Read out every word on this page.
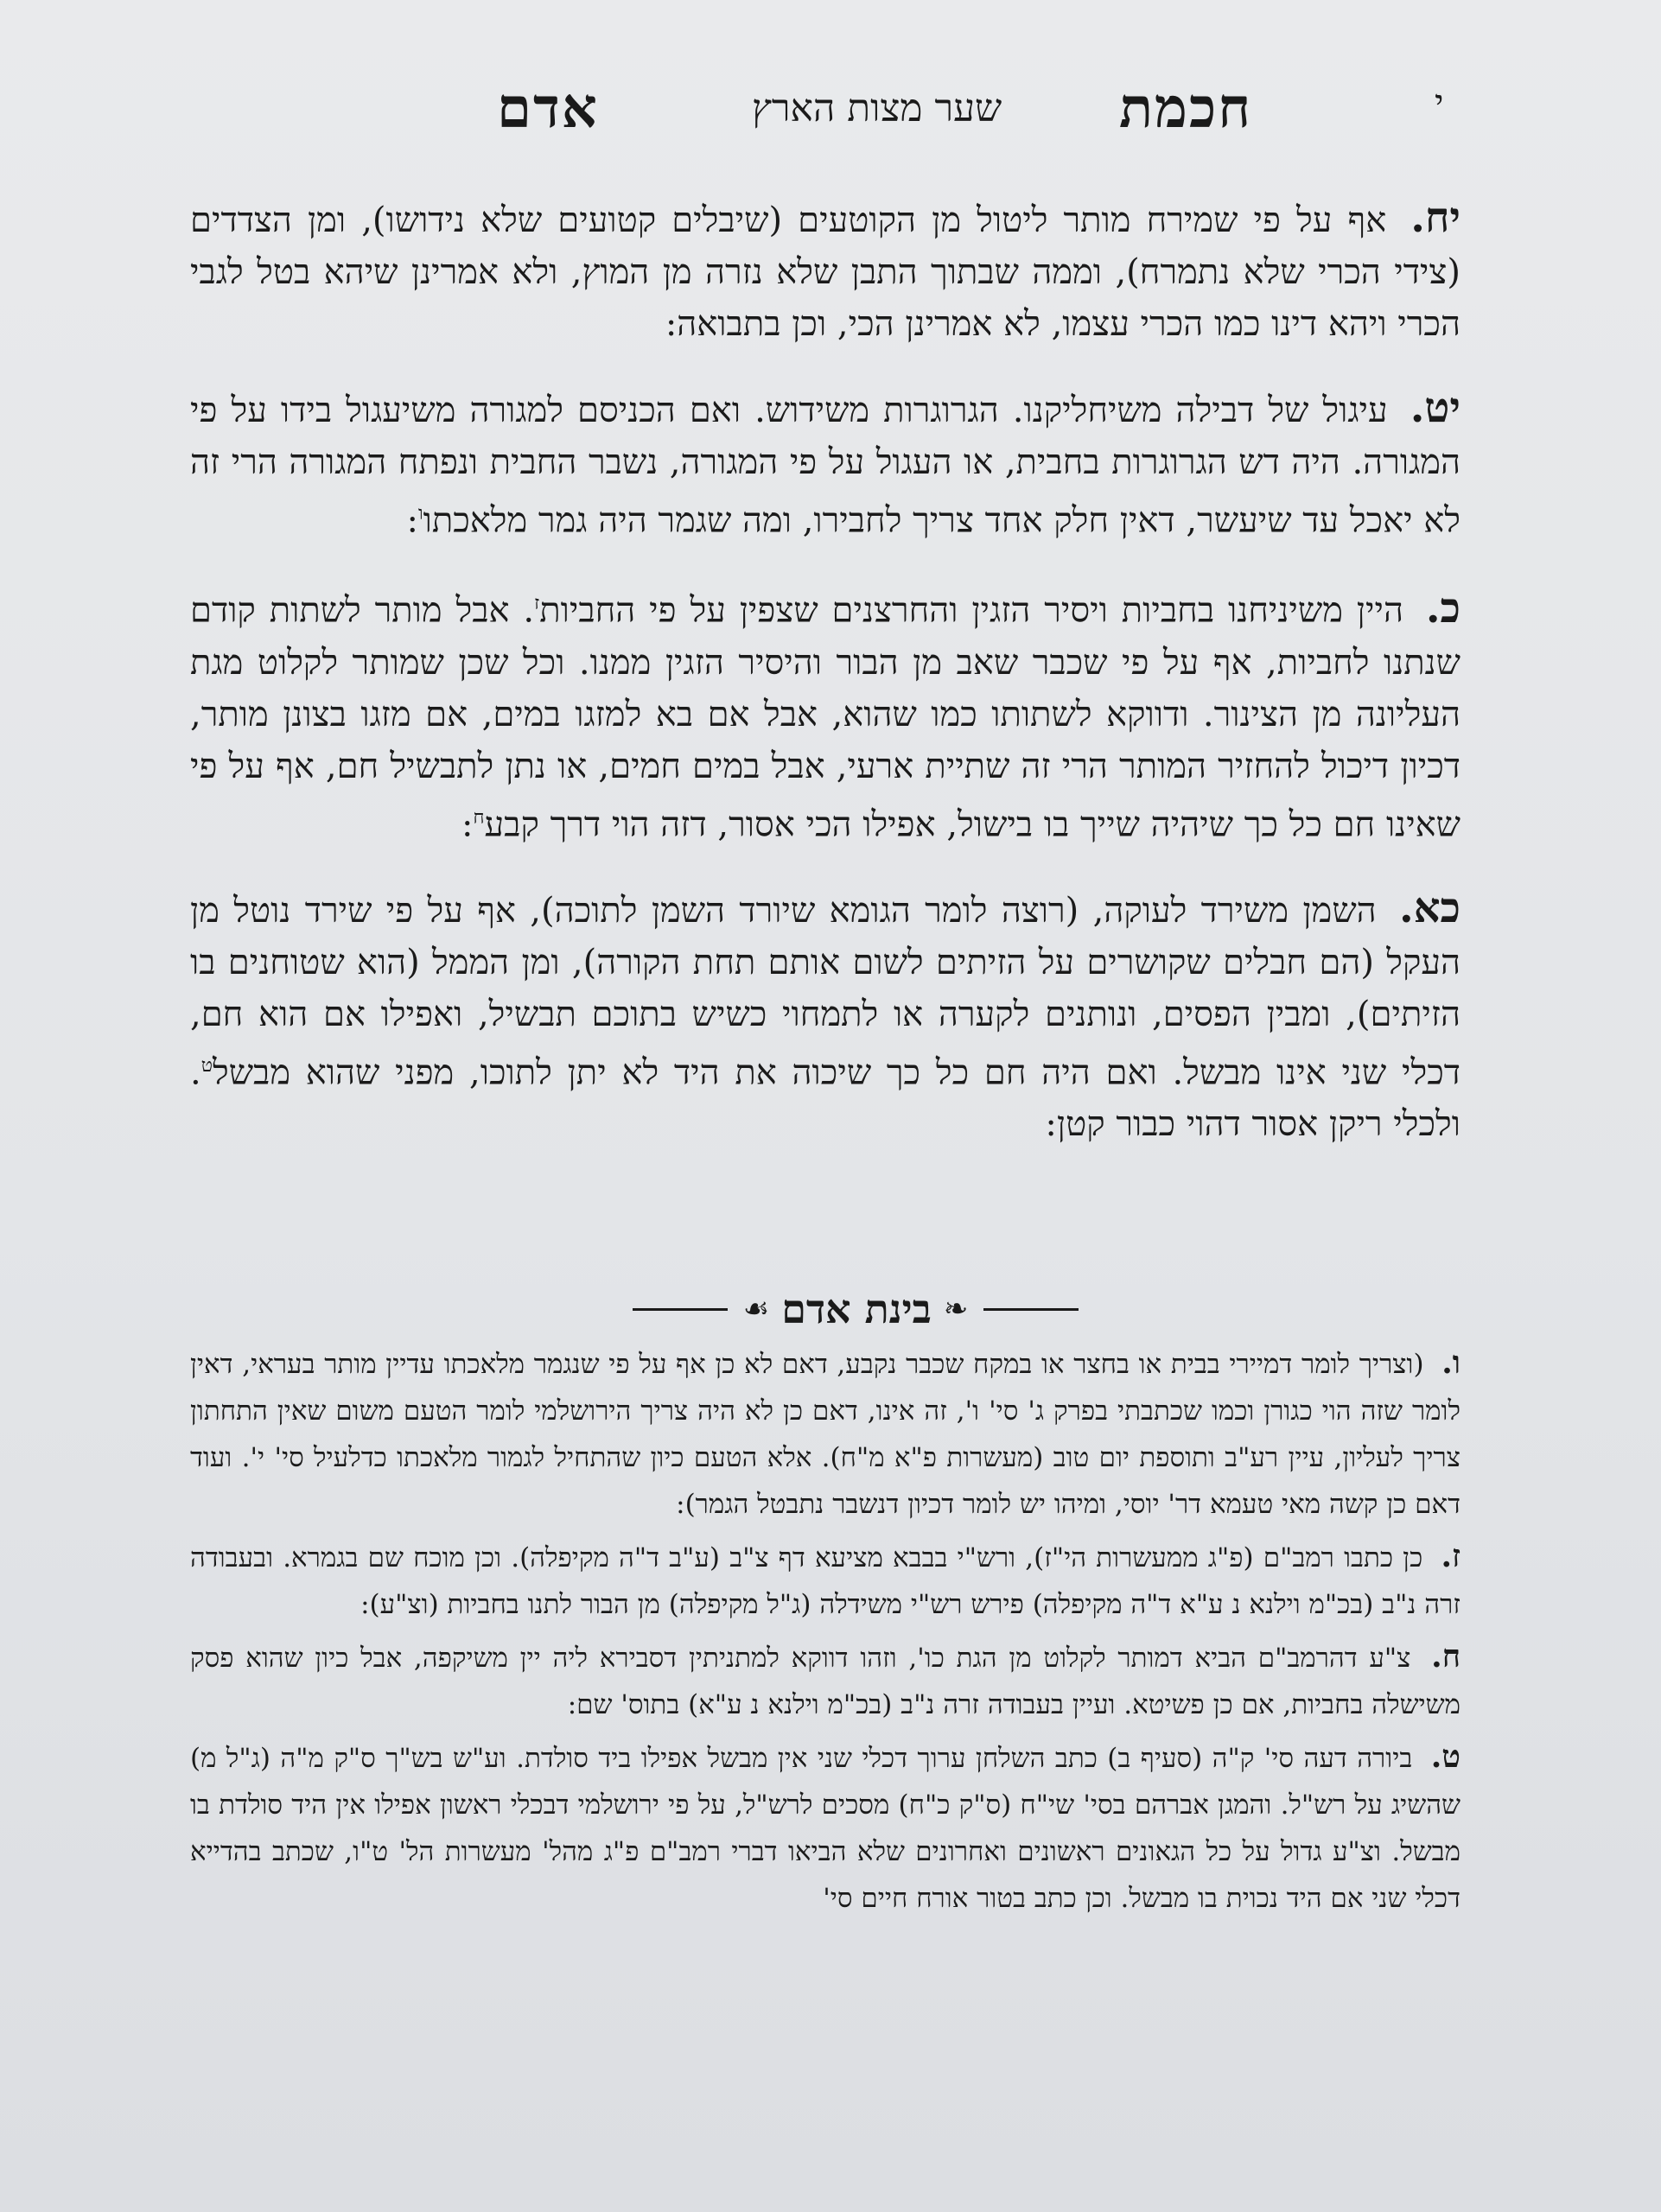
י
חכמת
שער מצות הארץ
אדם

יח. אף על פי שמירח מותר ליטול מן הקוטעים (שיבלים קטועים שלא נידושו), ומן הצדדים (צידי הכרי שלא נתמרח), וממה שבתוך התבן שלא נזרה מן המוץ, ולא אמרינן שיהא בטל לגבי הכרי ויהא דינו כמו הכרי עצמו, לא אמרינן הכי, וכן בתבואה:

יט. עיגול של דבילה משיחליקנו. הגרוגרות משידוש. ואם הכניסם למגורה משיעגול בידו על פי המגורה. היה דש הגרוגרות בחבית, או העגול על פי המגורה, נשבר החבית ונפתח המגורה הרי זה לא יאכל עד שיעשר, דאין חלק אחד צריך לחבירו, ומה שגמר היה גמר מלאכתו$^ו$:

כ. היין משיניחנו בחביות ויסיר הזגין והחרצנים שצפין על פי החביות$^ז$. אבל מותר לשתות קודם שנתנו לחביות, אף על פי שכבר שאב מן הבור והיסיר הזגין ממנו. וכל שכן שמותר לקלוט מגת העליונה מן הצינור. ודווקא לשתותו כמו שהוא, אבל אם בא למזגו במים, אם מזגו בצונן מותר, דכיון דיכול להחזיר המותר הרי זה שתיית ארעי, אבל במים חמים, או נתן לתבשיל חם, אף על פי שאינו חם כל כך שיהיה שייך בו בישול, אפילו הכי אסור, דזה הוי דרך קבע$^ח$:

כא. השמן משירד לעוקה, (רוצה לומר הגומא שיורד השמן לתוכה), אף על פי שירד נוטל מן העקל (הם חבלים שקושרים על הזיתים לשום אותם תחת הקורה), ומן הממל (הוא שטוחנים בו הזיתים), ומבין הפסים, ונותנים לקערה או לתמחוי כשיש בתוכם תבשיל, ואפילו אם הוא חם, דכלי שני אינו מבשל. ואם היה חם כל כך שיכוה את היד לא יתן לתוכו, מפני שהוא מבשל$^ט$. ולכלי ריקן אסור דהוי כבור קטן:

❧
בינת אדם
☙

ו. (וצריך לומר דמיירי בבית או בחצר או במקח שכבר נקבע, דאם לא כן אף על פי שנגמר מלאכתו עדיין מותר בעראי, דאין לומר שזה הוי כגורן וכמו שכתבתי בפרק ג' סי' ו', זה אינו, דאם כן לא היה צריך הירושלמי לומר הטעם משום שאין התחתון צריך לעליון, עיין רע"ב ותוספת יום טוב (מעשרות פ"א מ"ח). אלא הטעם כיון שהתחיל לגמור מלאכתו כדלעיל סי' י'. ועוד דאם כן קשה מאי טעמא דר' יוסי, ומיהו יש לומר דכיון דנשבר נתבטל הגמר):

ז. כן כתבו רמב"ם (פ"ג ממעשרות הי"ז), ורש"י בבבא מציעא דף צ"ב (ע"ב ד"ה מקיפלה). וכן מוכח שם בגמרא. ובעבודה זרה נ"ב (בכ"מ וילנא נ ע"א ד"ה מקיפלה) פירש רש"י משידלה (ג"ל מקיפלה) מן הבור לתנו בחביות (וצ"ע):

ח. צ"ע דהרמב"ם הביא דמותר לקלוט מן הגת כו', וזהו דווקא למתניתין דסבירא ליה יין משיקפה, אבל כיון שהוא פסק משישלה בחביות, אם כן פשיטא. ועיין בעבודה זרה נ"ב (בכ"מ וילנא נ ע"א) בתוס' שם:

ט. ביורה דעה סי' ק"ה (סעיף ב) כתב השלחן ערוך דכלי שני אין מבשל אפילו ביד סולדת. וע"ש בש"ך ס"ק מ"ה (ג"ל מ) שהשיג על רש"ל. והמגן אברהם בסי' שי"ח (ס"ק כ"ח) מסכים לרש"ל, על פי ירושלמי דבכלי ראשון אפילו אין היד סולדת בו מבשל. וצ"ע גדול על כל הגאונים ראשונים ואחרונים שלא הביאו דברי רמב"ם פ"ג מהל' מעשרות הל' ט"ו, שכתב בהדייא דכלי שני אם היד נכוית בו מבשל. וכן כתב בטור אורח חיים סי'
